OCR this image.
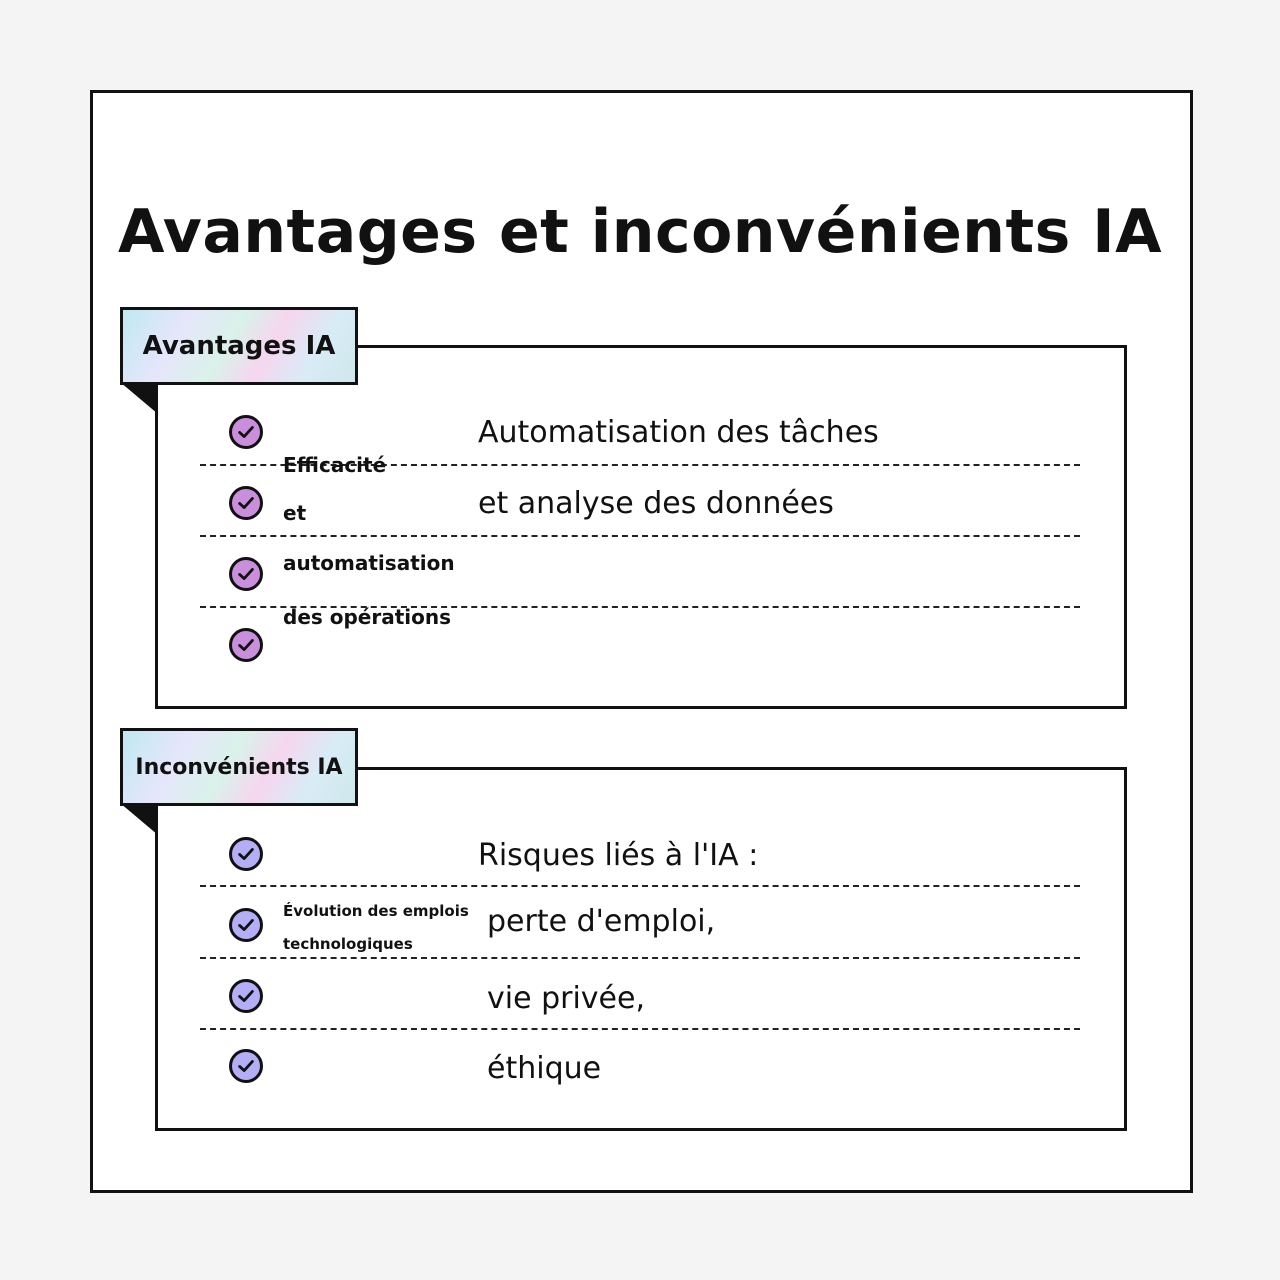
Avantages et inconvénients IA
Avantages IA
Efficacité
et
automatisation
des opérations
Automatisation des tâches
et analyse des données
Inconvénients IA
Évolution des emplois
technologiques
Risques liés à l'IA :
perte d'emploi,
vie privée,
éthique
